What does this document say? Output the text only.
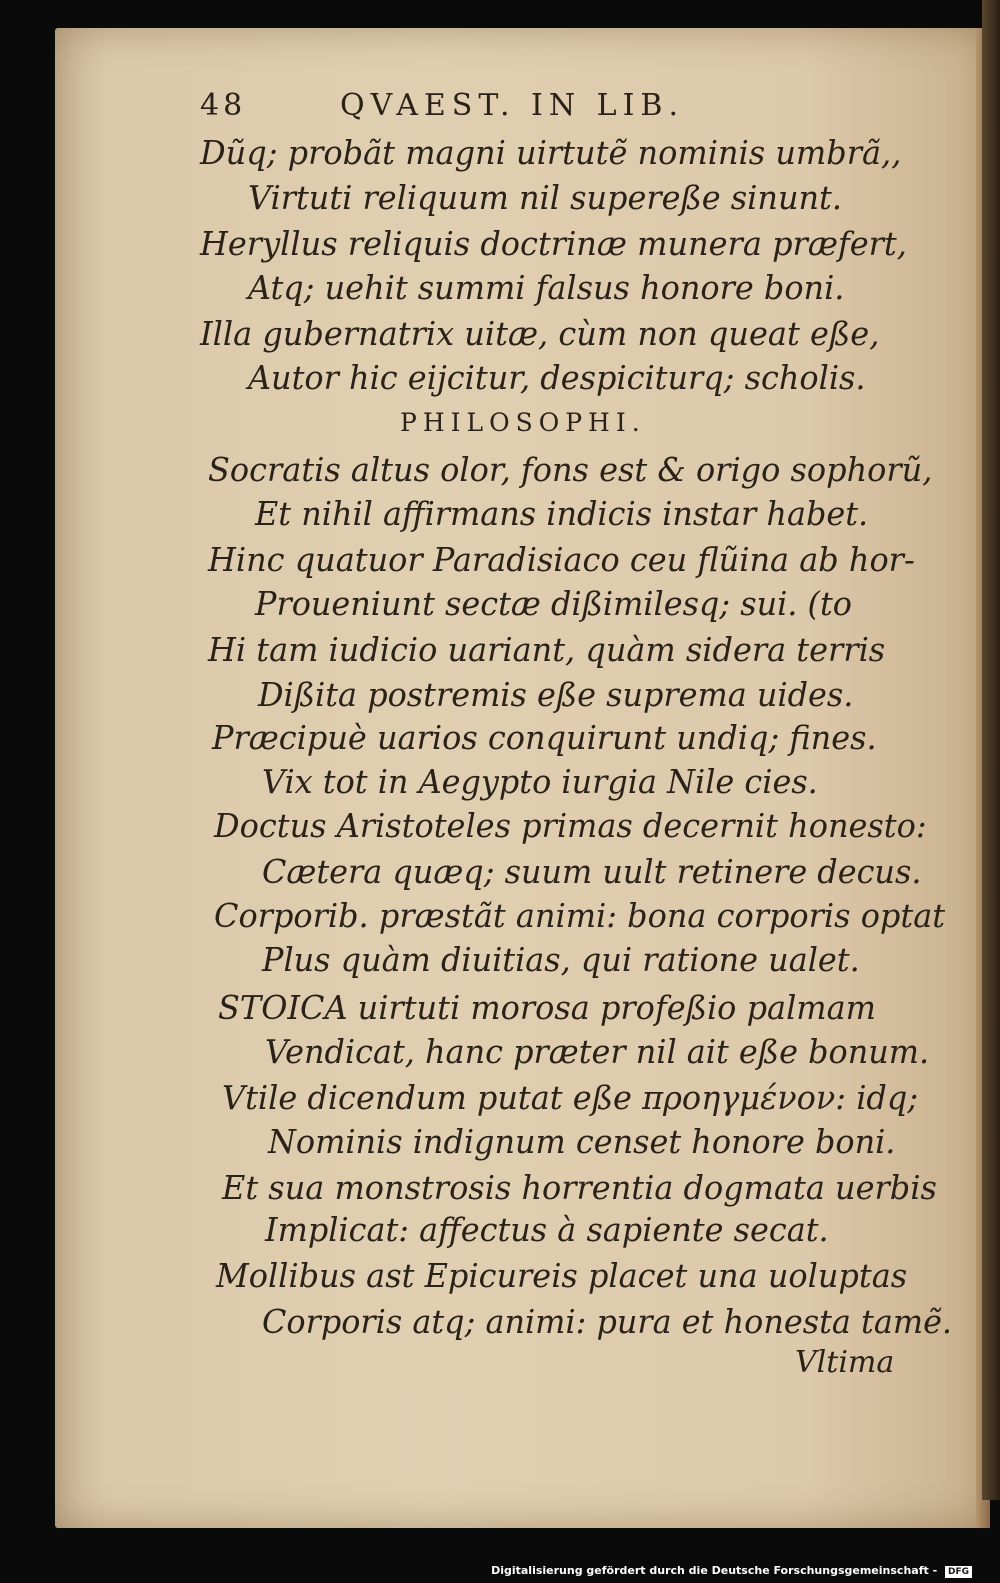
48	QVAEST. IN LIB.
Dũq; probãt magni uirtutẽ nominis umbrã,,
Virtuti reliquum nil supereße sinunt.
Heryllus reliquis doctrinæ munera præfert,
Atq; uehit summi falsus honore boni.
Illa gubernatrix uitæ, cùm non queat eße,
Autor hic eijcitur, despiciturq; scholis.
PHILOSOPHI.
Socratis altus olor, fons est & origo sophorũ,
Et nihil affirmans indicis instar habet.
Hinc quatuor Paradisiaco ceu flũina ab hor-
Proueniunt sectæ dißimilesq; sui. (to
Hi tam iudicio uariant, quàm sidera terris
Dißita postremis eße suprema uides.
Præcipuè uarios conquirunt undiq; fines.
Vix tot in Aegypto iurgia Nile cies.
Doctus Aristoteles primas decernit honesto:
Cætera quæq; suum uult retinere decus.
Corporib. præstãt animi: bona corporis optat
Plus quàm diuitias, qui ratione ualet.
STOICA uirtuti morosa profeßio palmam
Vendicat, hanc præter nil ait eße bonum.
Vtile dicendum putat eße προηγμένον: idq;
Nominis indignum censet honore boni.
Et sua monstrosis horrentia dogmata uerbis
Implicat: affectus à sapiente secat.
Mollibus ast Epicureis placet una uoluptas
Corporis atq; animi: pura et honesta tamẽ.
Vltima
Digitalisierung gefördert durch die Deutsche Forschungsgemeinschaft - DFG
